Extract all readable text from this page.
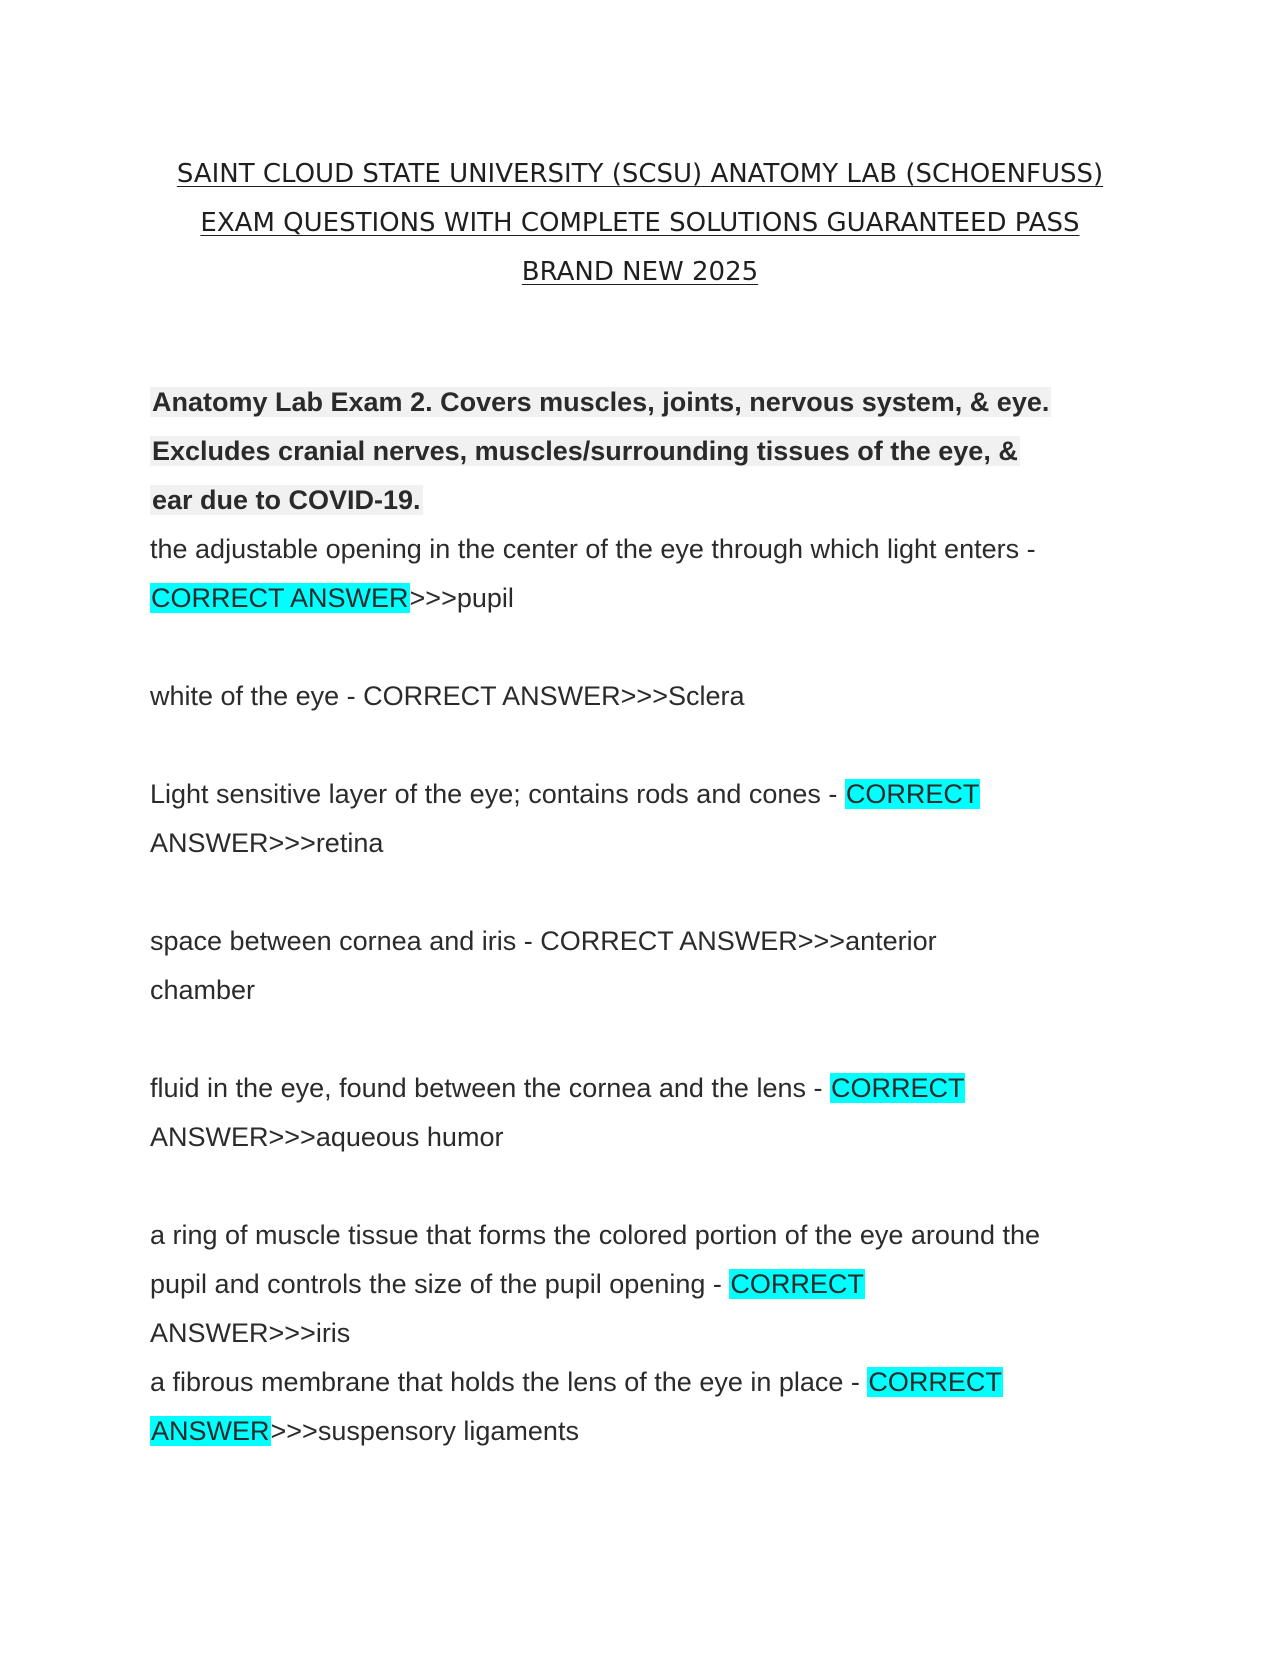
SAINT CLOUD STATE UNIVERSITY (SCSU) ANATOMY LAB (SCHOENFUSS)
EXAM QUESTIONS WITH COMPLETE SOLUTIONS GUARANTEED PASS
BRAND NEW 2025
Anatomy Lab Exam 2. Covers muscles, joints, nervous system, & eye.
Excludes cranial nerves, muscles/surrounding tissues of the eye, &
ear due to COVID-19.

the adjustable opening in the center of the eye through which light enters -
CORRECT ANSWER>>>pupil

white of the eye - CORRECT ANSWER>>>Sclera

Light sensitive layer of the eye; contains rods and cones - CORRECT
ANSWER>>>retina

space between cornea and iris - CORRECT ANSWER>>>anterior
chamber

fluid in the eye, found between the cornea and the lens - CORRECT
ANSWER>>>aqueous humor

a ring of muscle tissue that forms the colored portion of the eye around the
pupil and controls the size of the pupil opening - CORRECT
ANSWER>>>iris

a fibrous membrane that holds the lens of the eye in place - CORRECT
ANSWER>>>suspensory ligaments
